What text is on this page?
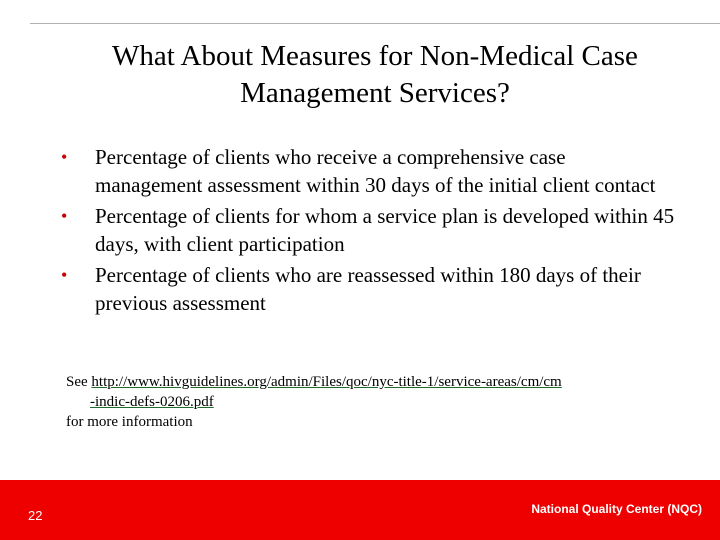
What About Measures for Non-Medical Case
Management Services?
• Percentage of clients who receive a comprehensive case management assessment within 30 days of the initial client contact
• Percentage of clients for whom a service plan is developed within 45 days, with client participation
• Percentage of clients who are reassessed within 180 days of their previous assessment
See http://www.hivguidelines.org/admin/Files/qoc/nyc-title-1/service-areas/cm/cm
-indic-defs-0206.pdf
for more information
22	National Quality Center (NQC)
